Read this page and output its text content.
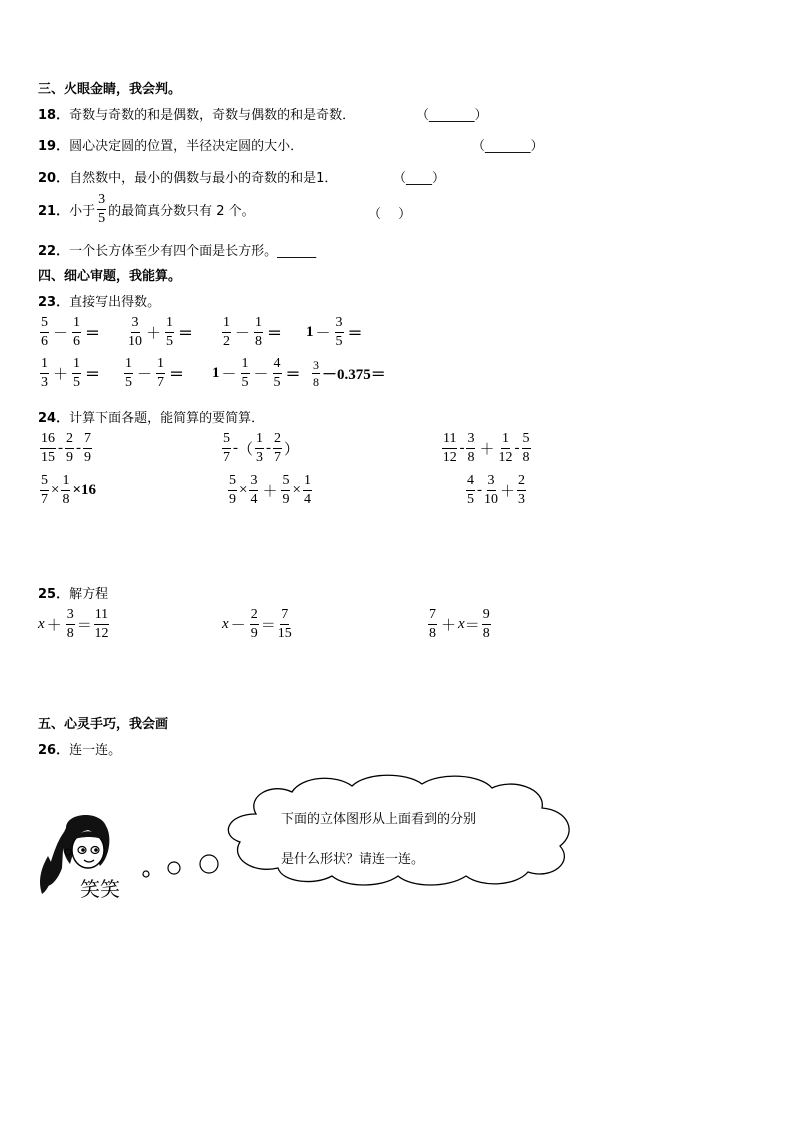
三、火眼金睛，我会判。
18．奇数与奇数的和是偶数，奇数与偶数的和是奇数．	（_______）
19．圆心决定圆的位置，半径决定圆的大小．	（_______）
20．自然数中，最小的偶数与最小的奇数的和是1．	（____）
21． 小于 $\frac{3}{5}$ 的最简真分数只有 2 个。	（　 ）
22．一个长方体至少有四个面是长方形。______
四、细心审题，我能算。
23．直接写出得数。
$\frac{5}{6} - \frac{1}{6} = \frac{3}{10} + \frac{1}{5} = \frac{1}{2} - \frac{1}{8} = 1 - \frac{3}{5}$ ＝
$\frac{1}{3} + \frac{1}{5} = \frac{1}{5} - \frac{1}{7} = 1 - \frac{1}{5} - \frac{4}{5} = \frac{3}{8} -0.375=$
24．计算下面各题，能简算的要简算．
$\frac{16}{15} - \frac{2}{9} - \frac{7}{9}$	$\frac{5}{7}$ - （ $\frac{1}{3} - \frac{2}{7}$ ）	$\frac{11}{12} - \frac{3}{8} + \frac{1}{12} - \frac{5}{8}$
$\frac{5}{7} \times \frac{1}{8} \times 16$	$\frac{5}{9} \times \frac{3}{4} + \frac{5}{9} \times \frac{1}{4}$	$\frac{4}{5} - \frac{3}{10} + \frac{2}{3}$
25．解方程
$x + \frac{3}{8} = \frac{11}{12}$	$x - \frac{2}{9} = \frac{7}{15}$	$\frac{7}{8} + x = \frac{9}{8}$
五、心灵手巧，我会画
26．连一连。
笑笑
下面的立体图形从上面看到的分别
是什么形状？请连一连。
